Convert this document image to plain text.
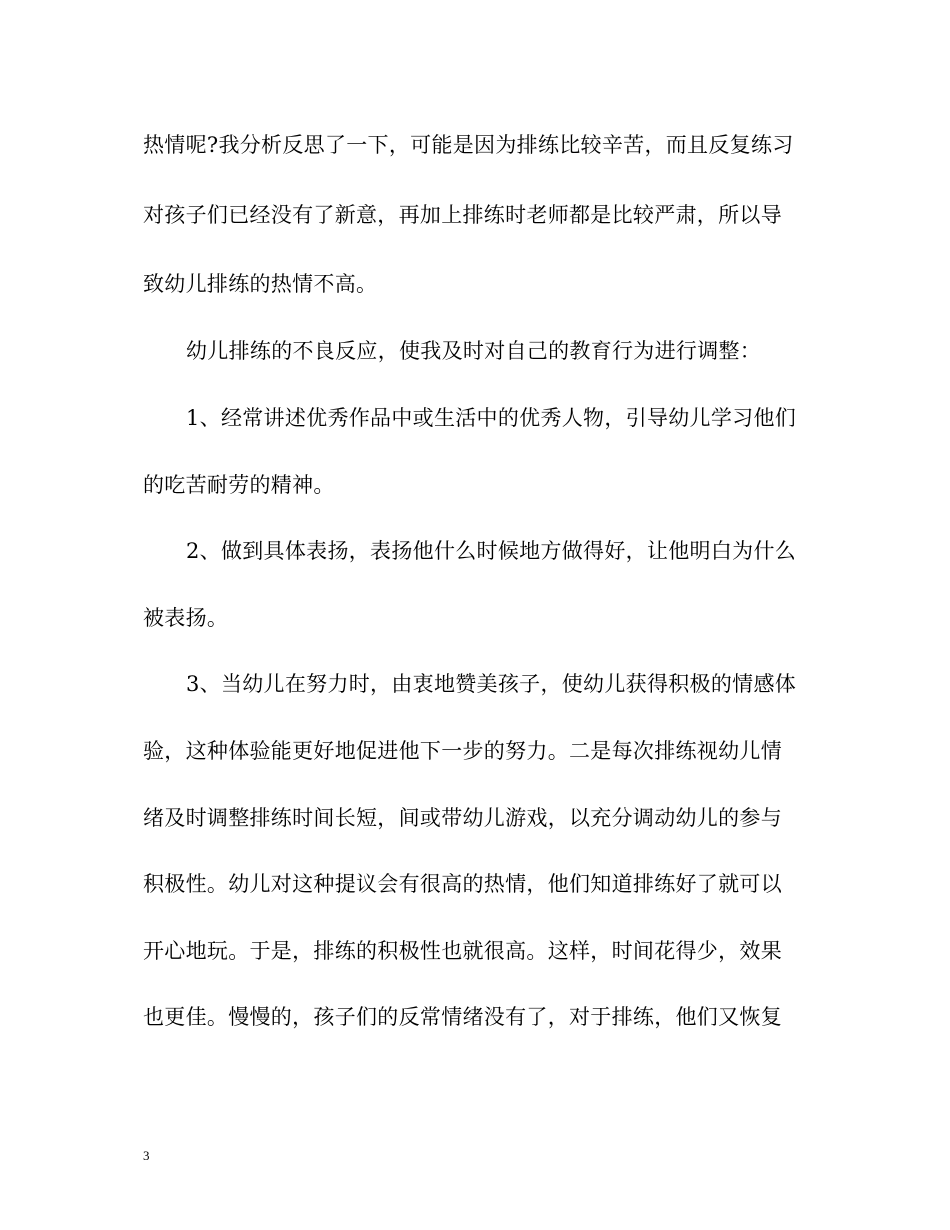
热情呢?我分析反思了一下，可能是因为排练比较辛苦，而且反复练习
对孩子们已经没有了新意，再加上排练时老师都是比较严肃，所以导
致幼儿排练的热情不高。
幼儿排练的不良反应，使我及时对自己的教育行为进行调整：
1、经常讲述优秀作品中或生活中的优秀人物，引导幼儿学习他们
的吃苦耐劳的精神。
2、做到具体表扬，表扬他什么时候地方做得好，让他明白为什么
被表扬。
3、当幼儿在努力时，由衷地赞美孩子，使幼儿获得积极的情感体
验，这种体验能更好地促进他下一步的努力。二是每次排练视幼儿情
绪及时调整排练时间长短，间或带幼儿游戏，以充分调动幼儿的参与
积极性。幼儿对这种提议会有很高的热情，他们知道排练好了就可以
开心地玩。于是，排练的积极性也就很高。这样，时间花得少，效果
也更佳。慢慢的，孩子们的反常情绪没有了，对于排练，他们又恢复
3
